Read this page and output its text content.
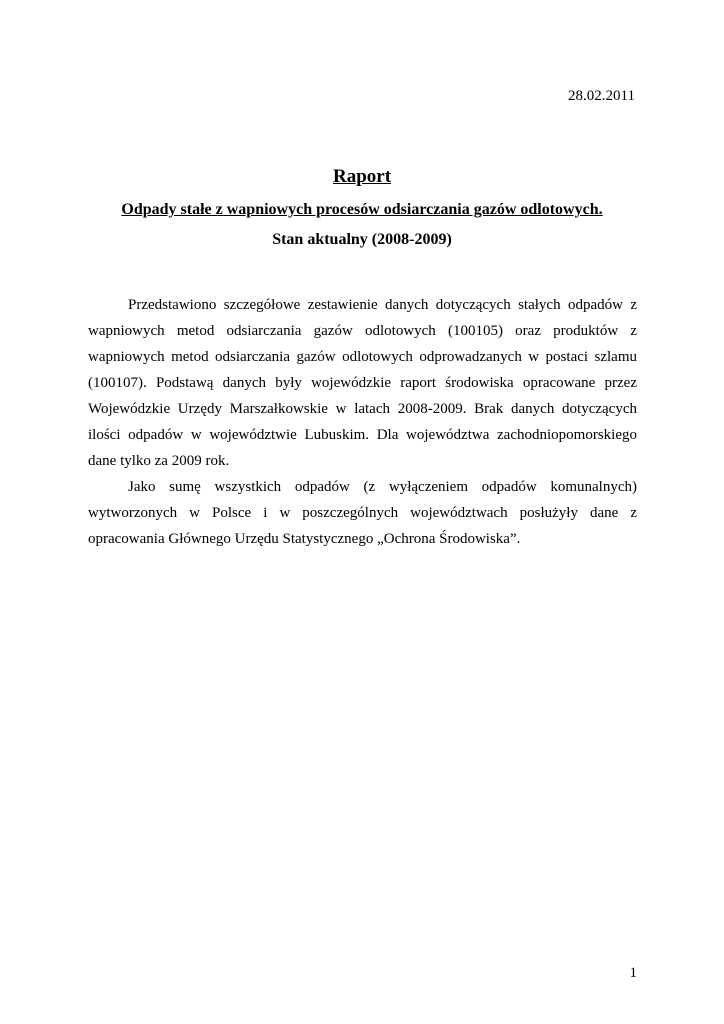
28.02.2011
Raport

Odpady stałe z wapniowych procesów odsiarczania gazów odlotowych.

Stan aktualny (2008-2009)

Przedstawiono szczegółowe zestawienie danych dotyczących stałych odpadów z wapniowych metod odsiarczania gazów odlotowych (100105) oraz produktów z wapniowych metod odsiarczania gazów odlotowych odprowadzanych w postaci szlamu (100107). Podstawą danych były wojewódzkie raport środowiska opracowane przez Wojewódzkie Urzędy Marszałkowskie w latach 2008-2009. Brak danych dotyczących ilości odpadów w województwie Lubuskim. Dla województwa zachodniopomorskiego dane tylko za 2009 rok.

Jako sumę wszystkich odpadów (z wyłączeniem odpadów komunalnych) wytworzonych w Polsce i w poszczególnych województwach posłużyły dane z opracowania Głównego Urzędu Statystycznego „Ochrona Środowiska”.

1
